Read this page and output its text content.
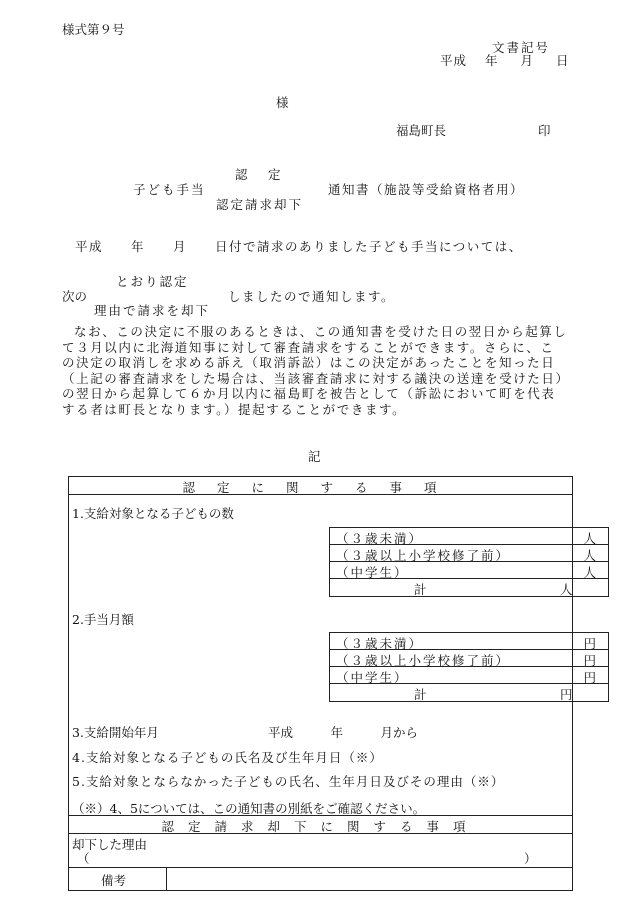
様式第９号
文書記号
平成 年 月 日
様
福島町長	印
認　定
子ども手当
認定請求却下
通知書（施設等受給資格者用）
平成　　年　　月　　日付で請求のありました子ども手当については、
とおり認定
次の
理由で請求を却下
しましたので通知します。

なお、この決定に不服のあるときは、この通知書を受けた日の翌日から起算して３月以内に北海道知事に対して審査請求をすることができます。さらに、この決定の取消しを求める訴え（取消訴訟）はこの決定があったことを知った日（上記の審査請求をした場合は、当該審査請求に対する議決の送達を受けた日）の翌日から起算して６か月以内に福島町を被告として（訴訟において町を代表する者は町長となります。）提起することができます。

記
認定に関する事項
1.支給対象となる子どもの数
（３歳未満）	人
（３歳以上小学校修了前）	人
（中学生）	人
計	人
2.手当月額
（３歳未満）	円
（３歳以上小学校修了前）	円
（中学生）	円
計	円
3.支給開始年月	平成　　　年　　　月から
4.支給対象となる子どもの氏名及び生年月日（※）
5.支給対象とならなかった子どもの氏名、生年月日及びその理由（※）
（※）4、5については、この通知書の別紙をご確認ください。
認定請求却下に関する事項
却下した理由
（	）
備考
